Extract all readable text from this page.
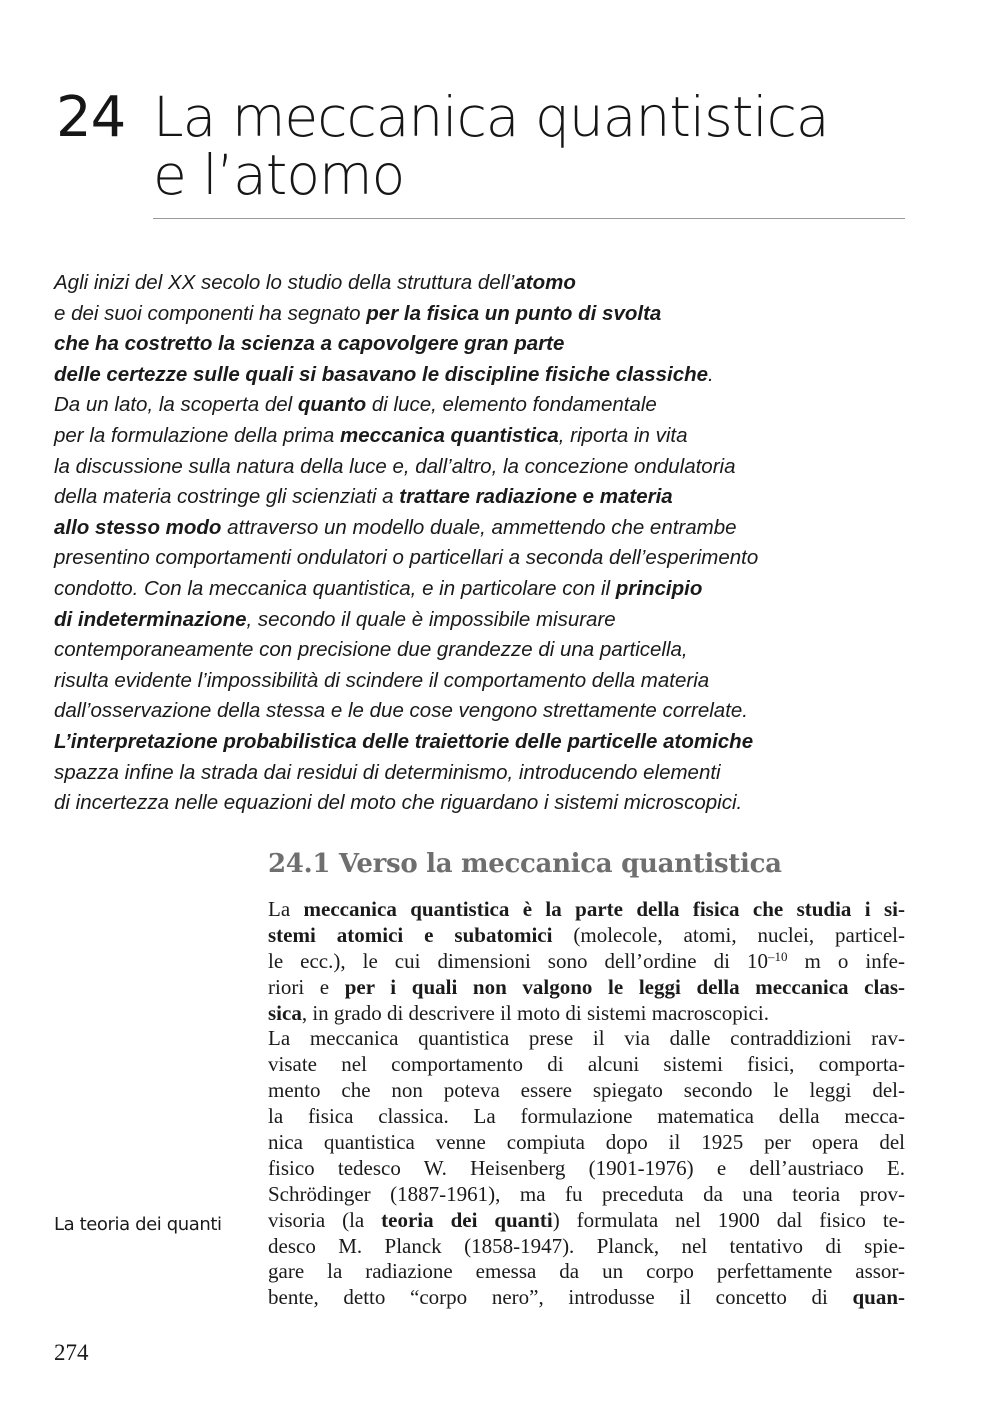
24 La meccanica quantistica
e l’atomo
Agli inizi del XX secolo lo studio della struttura dell’atomo
e dei suoi componenti ha segnato per la fisica un punto di svolta
che ha costretto la scienza a capovolgere gran parte
delle certezze sulle quali si basavano le discipline fisiche classiche.
Da un lato, la scoperta del quanto di luce, elemento fondamentale
per la formulazione della prima meccanica quantistica, riporta in vita
la discussione sulla natura della luce e, dall’altro, la concezione ondulatoria
della materia costringe gli scienziati a trattare radiazione e materia
allo stesso modo attraverso un modello duale, ammettendo che entrambe
presentino comportamenti ondulatori o particellari a seconda dell’esperimento
condotto. Con la meccanica quantistica, e in particolare con il principio
di indeterminazione, secondo il quale è impossibile misurare
contemporaneamente con precisione due grandezze di una particella,
risulta evidente l’impossibilità di scindere il comportamento della materia
dall’osservazione della stessa e le due cose vengono strettamente correlate.
L’interpretazione probabilistica delle traiettorie delle particelle atomiche
spazza infine la strada dai residui di determinismo, introducendo elementi
di incertezza nelle equazioni del moto che riguardano i sistemi microscopici.
24.1 Verso la meccanica quantistica
La meccanica quantistica è la parte della fisica che studia i si-
stemi atomici e subatomici (molecole, atomi, nuclei, particel-
le ecc.), le cui dimensioni sono dell’ordine di $10^{-10}$ m o infe-
riori e per i quali non valgono le leggi della meccanica clas-
sica, in grado di descrivere il moto di sistemi macroscopici.
La meccanica quantistica prese il via dalle contraddizioni rav-
visate nel comportamento di alcuni sistemi fisici, comporta-
mento che non poteva essere spiegato secondo le leggi del-
la fisica classica. La formulazione matematica della mecca-
nica quantistica venne compiuta dopo il 1925 per opera del
fisico tedesco W. Heisenberg (1901-1976) e dell’austriaco E.
Schrödinger (1887-1961), ma fu preceduta da una teoria prov-
visoria (la teoria dei quanti) formulata nel 1900 dal fisico te-
desco M. Planck (1858-1947). Planck, nel tentativo di spie-
gare la radiazione emessa da un corpo perfettamente assor-
bente, detto “corpo nero”, introdusse il concetto di quan-
La teoria dei quanti
274
